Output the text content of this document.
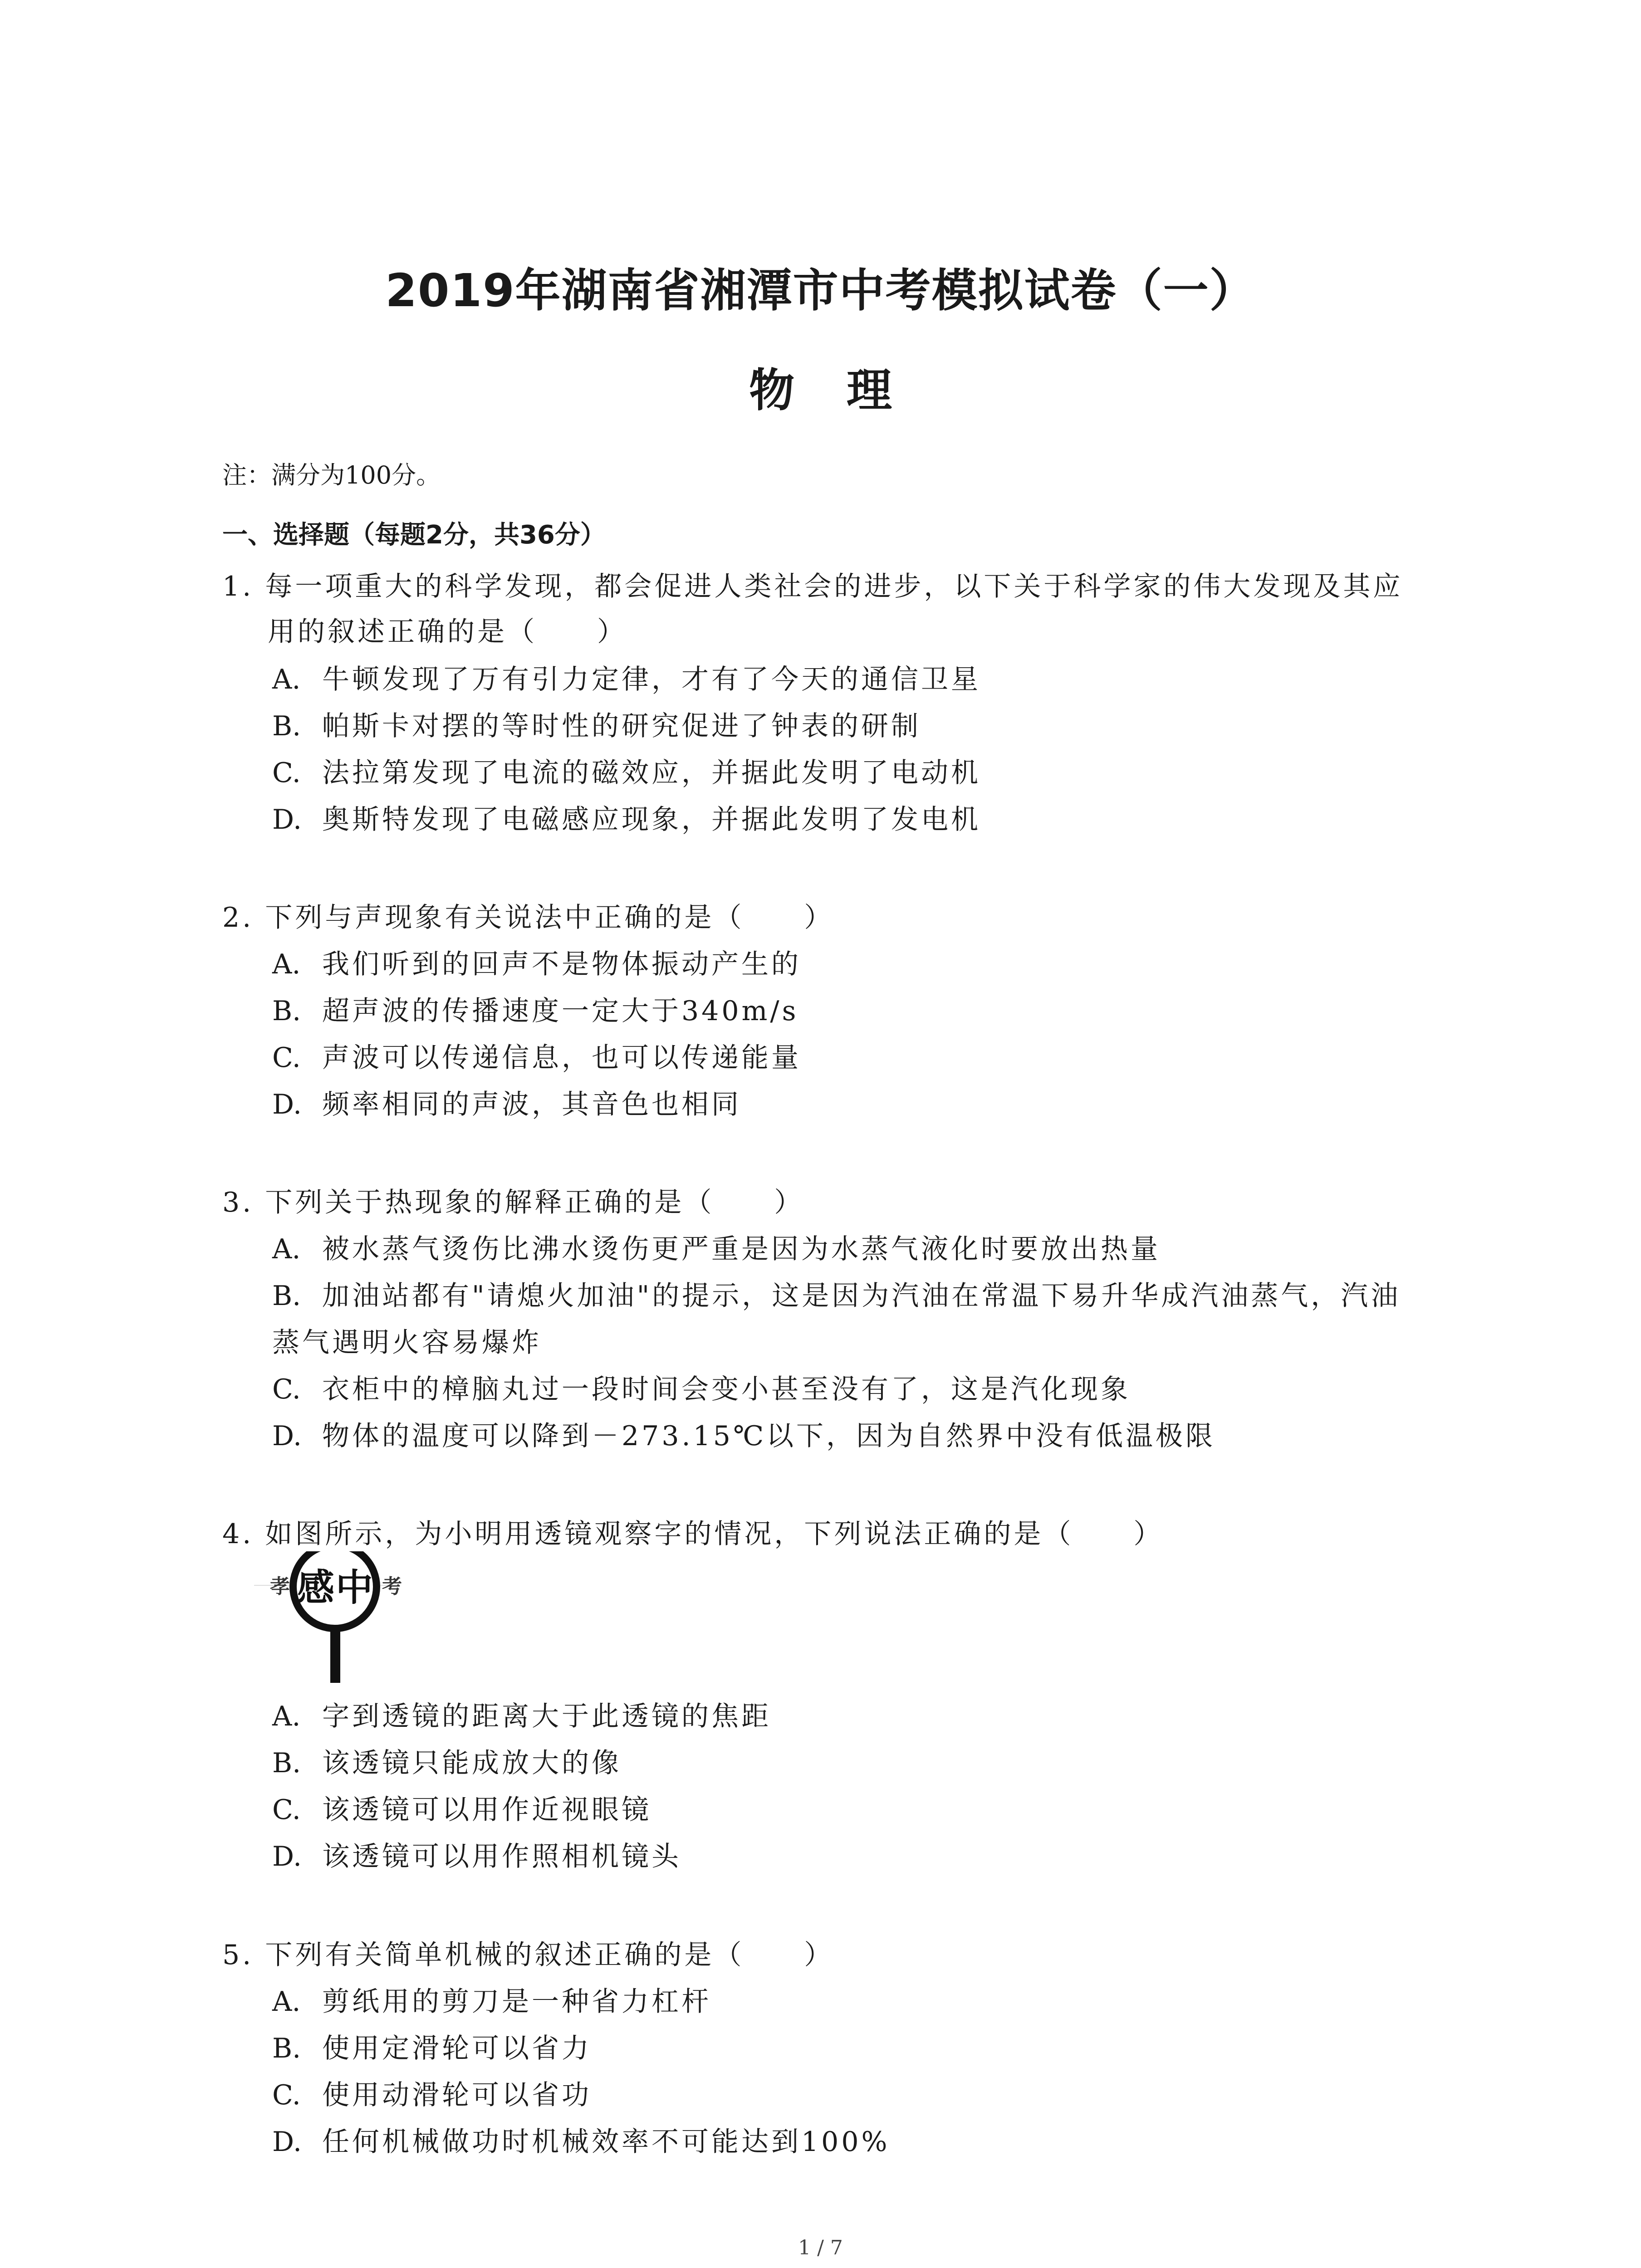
2019年湖南省湘潭市中考模拟试卷（一）
物 理
注：满分为100分。
一、选择题（每题2分，共36分）
1. 每一项重大的科学发现，都会促进人类社会的进步，以下关于科学家的伟大发现及其应
用的叙述正确的是（　　）
A. 牛顿发现了万有引力定律，才有了今天的通信卫星
B. 帕斯卡对摆的等时性的研究促进了钟表的研制
C. 法拉第发现了电流的磁效应，并据此发明了电动机
D. 奥斯特发现了电磁感应现象，并据此发明了发电机
2. 下列与声现象有关说法中正确的是（　　）
A. 我们听到的回声不是物体振动产生的
B. 超声波的传播速度一定大于340m/s
C. 声波可以传递信息，也可以传递能量
D. 频率相同的声波，其音色也相同
3. 下列关于热现象的解释正确的是（　　）
A. 被水蒸气烫伤比沸水烫伤更严重是因为水蒸气液化时要放出热量
B. 加油站都有"请熄火加油"的提示，这是因为汽油在常温下易升华成汽油蒸气，汽油
蒸气遇明火容易爆炸
C. 衣柜中的樟脑丸过一段时间会变小甚至没有了，这是汽化现象
D. 物体的温度可以降到－273.15℃以下，因为自然界中没有低温极限
4. 如图所示，为小明用透镜观察字的情况，下列说法正确的是（　　）
孝 感 中 考
A. 字到透镜的距离大于此透镜的焦距
B. 该透镜只能成放大的像
C. 该透镜可以用作近视眼镜
D. 该透镜可以用作照相机镜头
5. 下列有关简单机械的叙述正确的是（　　）
A. 剪纸用的剪刀是一种省力杠杆
B. 使用定滑轮可以省力
C. 使用动滑轮可以省功
D. 任何机械做功时机械效率不可能达到100%
1 / 7
